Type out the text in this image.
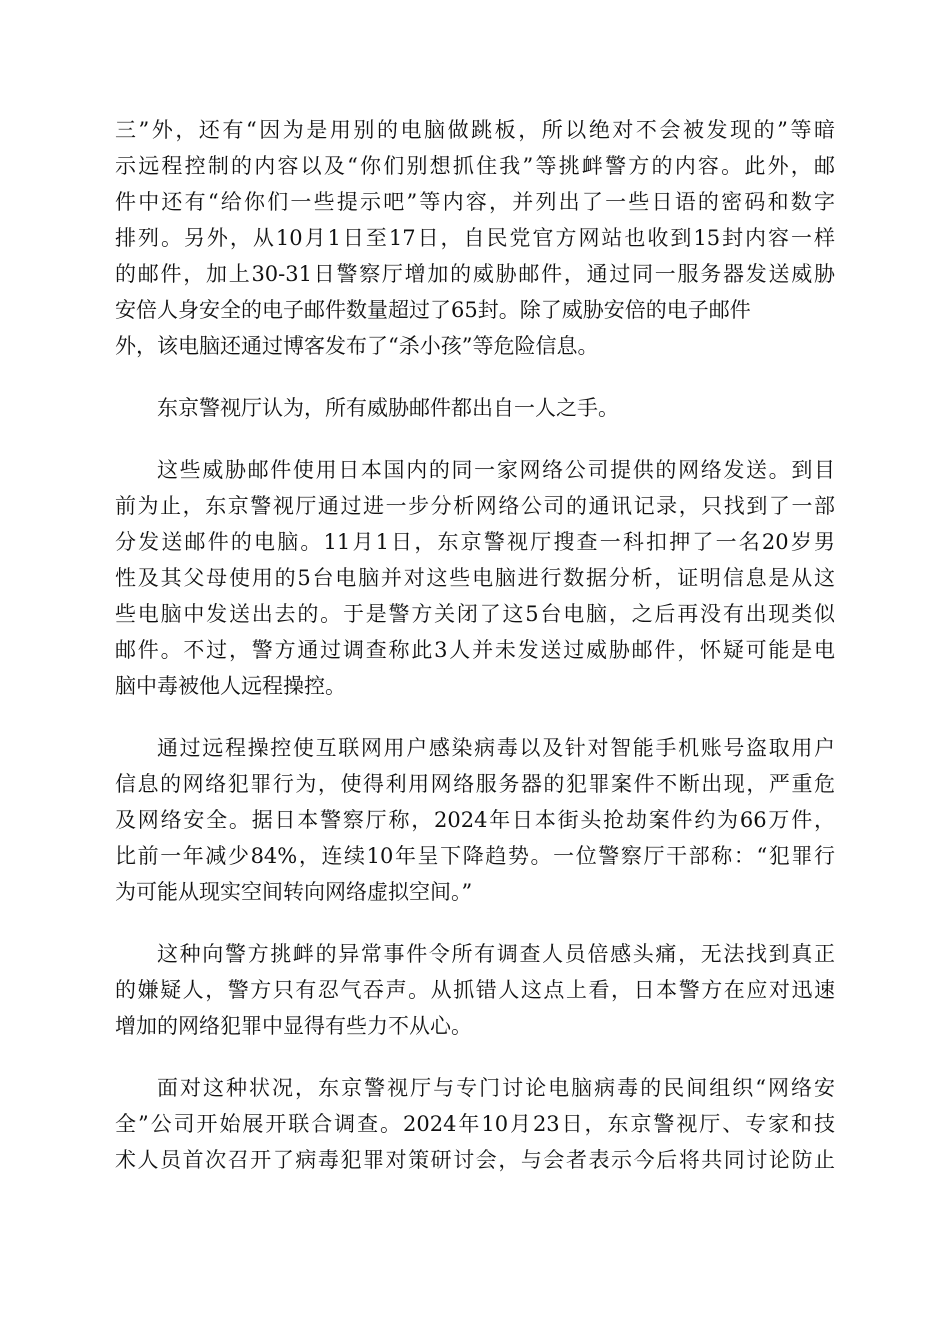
三”外，还有“因为是用别的电脑做跳板，所以绝对不会被发现的”等暗
示远程控制的内容以及“你们别想抓住我”等挑衅警方的内容。此外，邮
件中还有“给你们一些提示吧”等内容，并列出了一些日语的密码和数字
排列。另外，从10月1日至17日，自民党官方网站也收到15封内容一样
的邮件，加上30-31日警察厅增加的威胁邮件，通过同一服务器发送威胁
安倍人身安全的电子邮件数量超过了65封。除了威胁安倍的电子邮件
外，该电脑还通过博客发布了“杀小孩”等危险信息。
东京警视厅认为，所有威胁邮件都出自一人之手。
这些威胁邮件使用日本国内的同一家网络公司提供的网络发送。到目
前为止，东京警视厅通过进一步分析网络公司的通讯记录，只找到了一部
分发送邮件的电脑。11月1日，东京警视厅搜查一科扣押了一名20岁男
性及其父母使用的5台电脑并对这些电脑进行数据分析，证明信息是从这
些电脑中发送出去的。于是警方关闭了这5台电脑，之后再没有出现类似
邮件。不过，警方通过调查称此3人并未发送过威胁邮件，怀疑可能是电
脑中毒被他人远程操控。
通过远程操控使互联网用户感染病毒以及针对智能手机账号盗取用户
信息的网络犯罪行为，使得利用网络服务器的犯罪案件不断出现，严重危
及网络安全。据日本警察厅称，2024年日本街头抢劫案件约为66万件，
比前一年减少84%，连续10年呈下降趋势。一位警察厅干部称：“犯罪行
为可能从现实空间转向网络虚拟空间。”
这种向警方挑衅的异常事件令所有调查人员倍感头痛，无法找到真正
的嫌疑人，警方只有忍气吞声。从抓错人这点上看，日本警方在应对迅速
增加的网络犯罪中显得有些力不从心。
面对这种状况，东京警视厅与专门讨论电脑病毒的民间组织“网络安
全”公司开始展开联合调查。2024年10月23日，东京警视厅、专家和技
术人员首次召开了病毒犯罪对策研讨会，与会者表示今后将共同讨论防止
